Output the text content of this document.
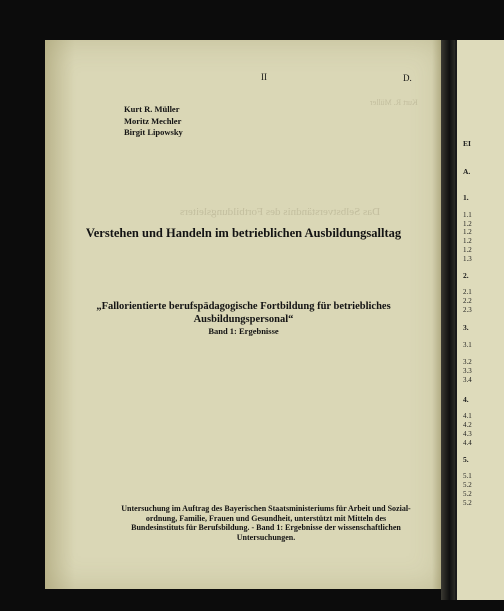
Das Selbstverständnis des Fortbildungsleiters
Kurt R. Müller
II	D.
Kurt R. Müller
Moritz Mechler
Birgit Lipowsky
Verstehen und Handeln im betrieblichen Ausbildungsalltag
„Fallorientierte berufspädagogische Fortbildung für betriebliches
Ausbildungspersonal“
Band 1: Ergebnisse
Untersuchung im Auftrag des Bayerischen Staatsministeriums für Arbeit und Sozial-
ordnung, Familie, Frauen und Gesundheit, unterstützt mit Mitteln des
Bundesinstituts für Berufsbildung. - Band 1: Ergebnisse der wissenschaftlichen
Untersuchungen.
EI
A.
1.
1.1
1.2
1.2
1.2
1.2
1.3
2.
2.1
2.2
2.3
3.
3.1
3.2
3.3
3.4
4.
4.1
4.2
4.3
4.4
5.
5.1
5.2
5.2
5.2
